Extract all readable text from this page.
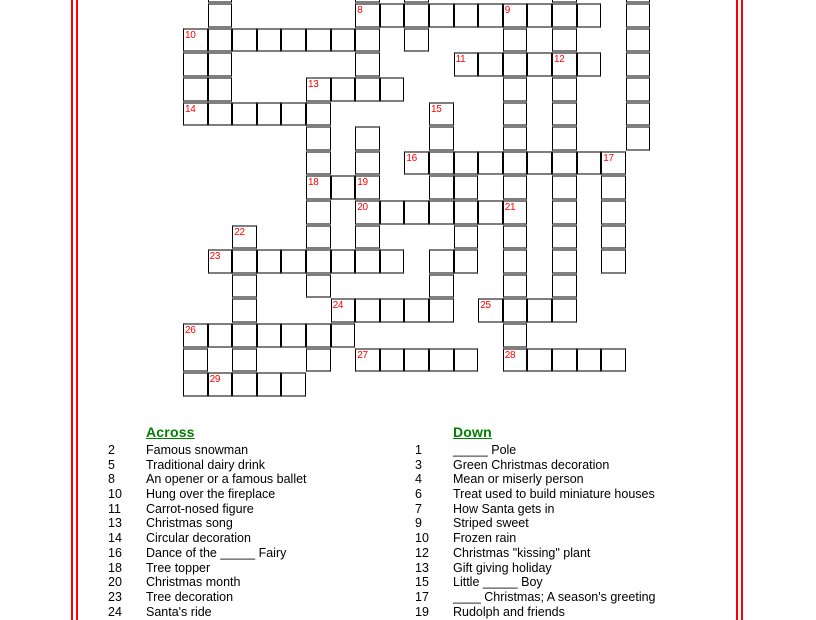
8	9
10
11	12
13
14	15
16	17
18	19
20	21
22
23
24	25
26
27	28
29
Across
2	Famous snowman
5	Traditional dairy drink
8	An opener or a famous ballet
10	Hung over the fireplace
11	Carrot-nosed figure
13	Christmas song
14	Circular decoration
16	Dance of the _____ Fairy
18	Tree topper
20	Christmas month
23	Tree decoration
24	Santa's ride
Down
1	_____ Pole
3	Green Christmas decoration
4	Mean or miserly person
6	Treat used to build miniature houses
7	How Santa gets in
9	Striped sweet
10	Frozen rain
12	Christmas "kissing" plant
13	Gift giving holiday
15	Little _____ Boy
17	____ Christmas; A season's greeting
19	Rudolph and friends
